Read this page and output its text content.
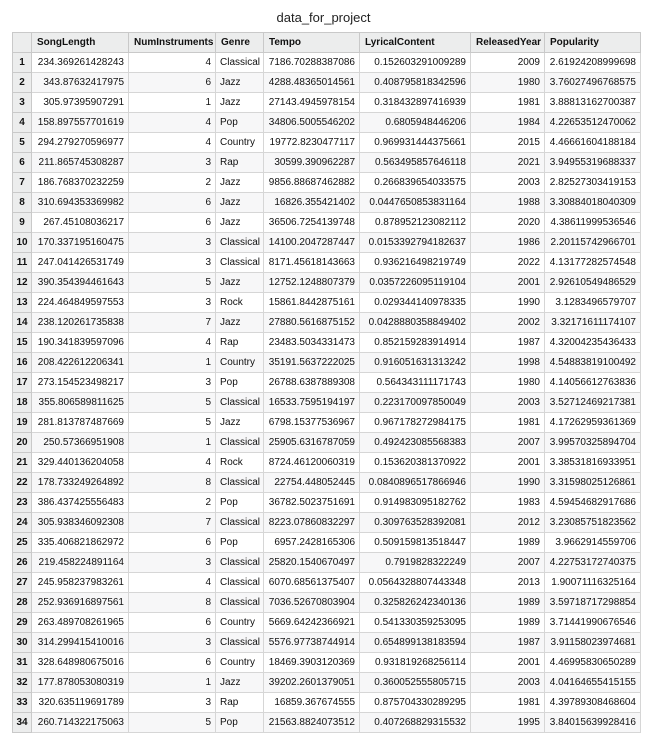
data_for_project
	SongLength	NumInstruments	Genre	Tempo	LyricalContent	ReleasedYear	Popularity
1	234.369261428243	4	Classical	7186.70288387086	0.152603291009289	2009	2.61924208999698
2	343.87632417975	6	Jazz	4288.48365014561	0.408795818342596	1980	3.76027496768575
3	305.97395907291	1	Jazz	27143.4945978154	0.318432897416939	1981	3.88813162700387
4	158.897557701619	4	Pop	34806.5005546202	0.6805948446206	1984	4.22653512470062
5	294.279270596977	4	Country	19772.8230477117	0.969931444375661	2015	4.46661604188184
6	211.865745308287	3	Rap	30599.390962287	0.563495857646118	2021	3.94955319688337
7	186.768370232259	2	Jazz	9856.88687462882	0.266839654033575	2003	2.82527303419153
8	310.694353369982	6	Jazz	16826.355421402	0.0447650853831164	1988	3.30884018040309
9	267.45108036217	6	Jazz	36506.7254139748	0.878952123082112	2020	4.38611999536546
10	170.337195160475	3	Classical	14100.2047287447	0.0153392794182637	1986	2.20115742966701
11	247.041426531749	3	Classical	8171.45618143663	0.936216498219749	2022	4.13177282574548
12	390.354394461643	5	Jazz	12752.1248807379	0.0357226095119104	2001	2.92610549486529
13	224.464849597553	3	Rock	15861.8442875161	0.029344140978335	1990	3.1283496579707
14	238.120261735838	7	Jazz	27880.5616875152	0.0428880358849402	2002	3.32171611174107
15	190.341839597096	4	Rap	23483.5034331473	0.852159283914914	1987	4.32004235436433
16	208.422612206341	1	Country	35191.5637222025	0.916051631313242	1998	4.54883819100492
17	273.154523498217	3	Pop	26788.6387889308	0.564343111171743	1980	4.14056612763836
18	355.806589811625	5	Classical	16533.7595194197	0.223170097850049	2003	3.52712469217381
19	281.813787487669	5	Jazz	6798.15377536967	0.967178272984175	1981	4.17262959361369
20	250.57366951908	1	Classical	25905.6316787059	0.492423085568383	2007	3.99570325894704
21	329.440136204058	4	Rock	8724.46120060319	0.153620381370922	2001	3.38531816933951
22	178.733249264892	8	Classical	22754.448052445	0.0840896517866946	1990	3.31598025126861
23	386.437425556483	2	Pop	36782.5023751691	0.914983095182762	1983	4.59454682917686
24	305.938346092308	7	Classical	8223.07860832297	0.309763528392081	2012	3.23085751823562
25	335.406821862972	6	Pop	6957.2428165306	0.509159813518447	1989	3.9662914559706
26	219.458224891164	3	Classical	25820.1540670497	0.7919828322249	2007	4.22753172740375
27	245.958237983261	4	Classical	6070.68561375407	0.0564328807443348	2013	1.90071116325164
28	252.936916897561	8	Classical	7036.52670803904	0.325826242340136	1989	3.59718717298854
29	263.489708261965	6	Country	5669.64242366921	0.541330359253095	1989	3.71441990676546
30	314.299415410016	3	Classical	5576.97738744914	0.654899138183594	1987	3.91158023974681
31	328.648980675016	6	Country	18469.3903120369	0.931819268256114	2001	4.46995830650289
32	177.878053080319	1	Jazz	39202.2601379051	0.360052555805715	2003	4.04164655415155
33	320.635119691789	3	Rap	16859.367674555	0.875704330289295	1981	4.39789308468604
34	260.714322175063	5	Pop	21563.8824073512	0.407268829315532	1995	3.84015639928416
